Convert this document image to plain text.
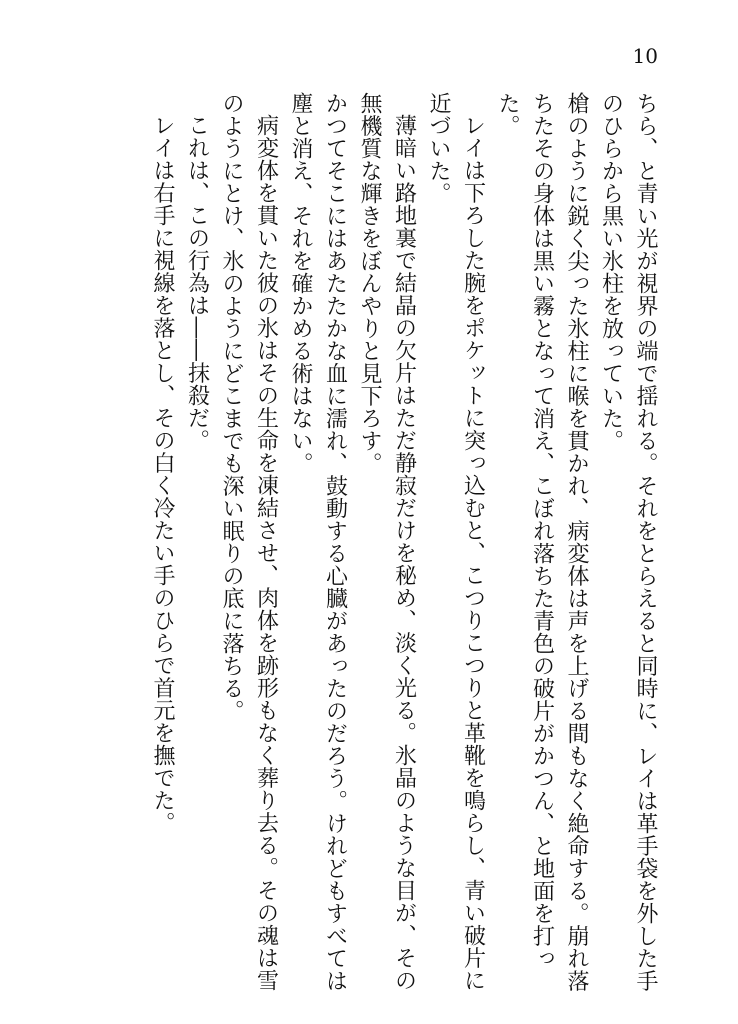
10

ちら、と青い光が視界の端で揺れる。それをとらえると同時に、レイは革手袋を外した手のひらから黒い氷柱を放っていた。

槍のように鋭く尖った氷柱に喉を貫かれ、病変体は声を上げる間もなく絶命する。崩れ落ちたその身体は黒い霧となって消え、こぼれ落ちた青色の破片がかつん、と地面を打った。

レイは下ろした腕をポケットに突っ込むと、こつりこつりと革靴を鳴らし、青い破片に近づいた。

薄暗い路地裏で結晶の欠片はただ静寂だけを秘め、淡く光る。氷晶のような目が、その無機質な輝きをぼんやりと見下ろす。

かつてそこにはあたたかな血に濡れ、鼓動する心臓があったのだろう。けれどもすべては塵と消え、それを確かめる術はない。

病変体を貫いた彼の氷はその生命を凍結させ、肉体を跡形もなく葬り去る。その魂は雪のようにとけ、氷のようにどこまでも深い眠りの底に落ちる。

これは、この行為は――抹殺だ。

レイは右手に視線を落とし、その白く冷たい手のひらで首元を撫でた。
